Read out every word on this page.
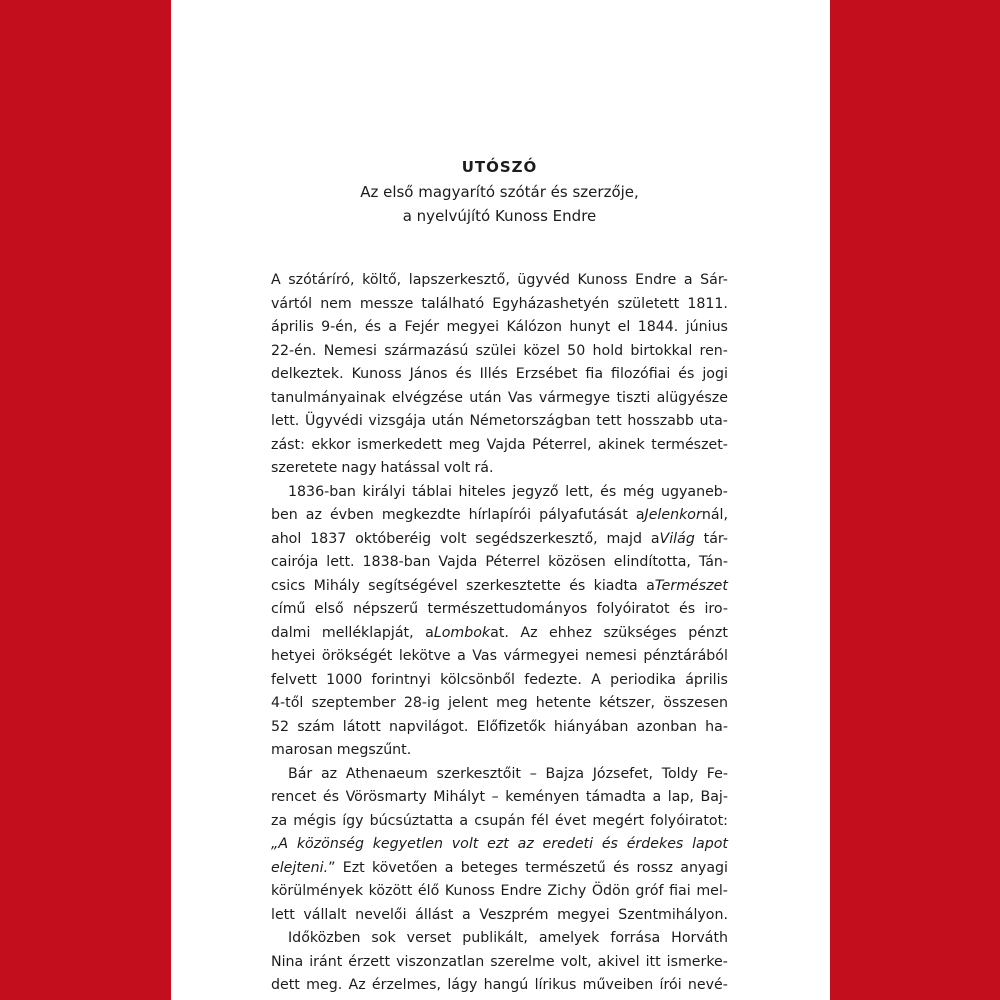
UTÓSZÓ
Az első magyarító szótár és szerzője,
a nyelvújító Kunoss Endre
A szótáríró, költő, lapszerkesztő, ügyvéd Kunoss Endre a Sár-
vártól nem messze található Egyházashetyén született 1811.
április 9-én, és a Fejér megyei Kálózon hunyt el 1844. június
22-én. Nemesi származású szülei közel 50 hold birtokkal ren-
delkeztek. Kunoss János és Illés Erzsébet fia filozófiai és jogi
tanulmányainak elvégzése után Vas vármegye tiszti alügyésze
lett. Ügyvédi vizsgája után Németországban tett hosszabb uta-
zást: ekkor ismerkedett meg Vajda Péterrel, akinek természet-
szeretete nagy hatással volt rá.
1836-ban királyi táblai hiteles jegyző lett, és még ugyaneb-
ben az évben megkezdte hírlapírói pályafutását aJelenkornál,
ahol 1837 októberéig volt segédszerkesztő, majd aVilág tár-
cairója lett. 1838-ban Vajda Péterrel közösen elindította, Tán-
csics Mihály segítségével szerkesztette és kiadta aTermészet
című első népszerű természettudományos folyóiratot és iro-
dalmi melléklapját, aLombokat. Az ehhez szükséges pénzt
hetyei örökségét lekötve a Vas vármegyei nemesi pénztárából
felvett 1000 forintnyi kölcsönből fedezte. A periodika április
4-től szeptember 28-ig jelent meg hetente kétszer, összesen
52 szám látott napvilágot. Előfizetők hiányában azonban ha-
marosan megszűnt.
Bár az Athenaeum szerkesztőit – Bajza Józsefet, Toldy Fe-
rencet és Vörösmarty Mihályt – keményen támadta a lap, Baj-
za mégis így búcsúztatta a csupán fél évet megért folyóiratot:
„A közönség kegyetlen volt ezt az eredeti és érdekes lapot
elejteni.” Ezt követően a beteges természetű és rossz anyagi
körülmények között élő Kunoss Endre Zichy Ödön gróf fiai mel-
lett vállalt nevelői állást a Veszprém megyei Szentmihályon.
Időközben sok verset publikált, amelyek forrása Horváth
Nina iránt érzett viszonzatlan szerelme volt, akivel itt ismerke-
dett meg. Az érzelmes, lágy hangú lírikus műveiben írói nevé-
